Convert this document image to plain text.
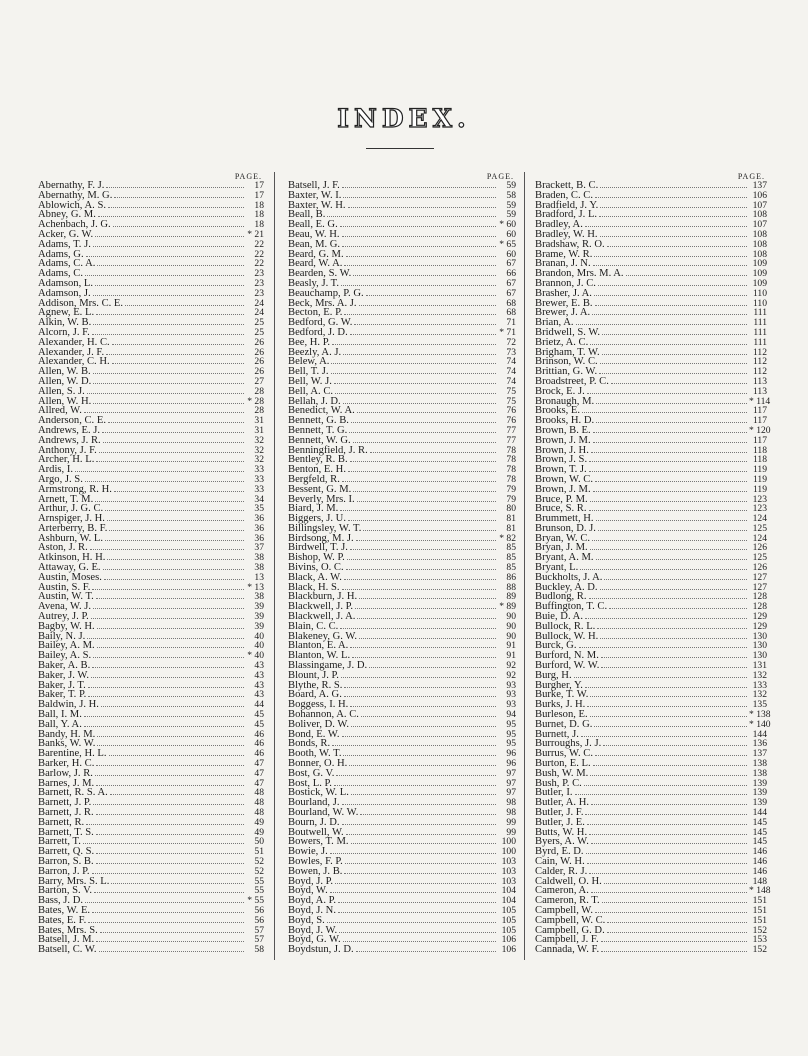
INDEX.
PAGE.
Abernathy, F. J.	17
Abernathy, M. G.	17
Ablowich, A. S.	18
Abney, G. M.	18
Achenbach, J. G.	18
Acker, G. W.	* 21
Adams, T. J.	22
Adams, G.	22
Adams, C. A.	22
Adams, C.	23
Adamson, L.	23
Adamson, J.	23
Addison, Mrs. C. E.	24
Agnew, E. L.	24
Alkin, W. B.	25
Alcorn, J. F.	25
Alexander, H. C.	26
Alexander, J. F.	26
Alexander, C. H.	26
Allen, W. B.	26
Allen, W. D.	27
Allen, S. J.	28
Allen, W. H.	* 28
Allred, W.	28
Anderson, C. E.	31
Andrews, E. J.	31
Andrews, J. R.	32
Anthony, J. F.	32
Archer, H. L.	32
Ardis, I.	33
Argo, J. S.	33
Armstrong, R. H.	33
Arnett, T. M.	34
Arthur, J. G. C.	35
Arnspiger, J. H.	36
Arterberry, B. F.	36
Ashburn, W. L.	36
Aston, J. R.	37
Atkinson, H. H.	38
Attaway, G. E.	38
Austin, Moses.	13
Austin, S. F.	* 13
Austin, W. T.	38
Avena, W. J.	39
Autrey, J. P.	39
Bagby, W. H.	39
Baily, N. J.	40
Bailey, A. M.	40
Bailey, A. S.	* 40
Baker, A. B.	43
Baker, J. W.	43
Baker, J. T.	43
Baker, T. P.	43
Baldwin, J. H.	44
Ball, I. M.	45
Ball, Y. A.	45
Bandy, H. M.	46
Banks, W. W.	46
Barentine, H. L.	46
Barker, H. C.	47
Barlow, J. R.	47
Barnes, J. M.	47
Barnett, R. S. A.	48
Barnett, J. P.	48
Barnett, J. R.	48
Barnett, R.	49
Barnett, T. S.	49
Barrett, T.	50
Barrett, Q. S.	51
Barron, S. B.	52
Barron, J. P.	52
Barry, Mrs. S. L.	55
Barton, S. V.	55
Bass, J. D.	* 55
Bates, W. E.	56
Bates, E. F.	56
Bates, Mrs. S.	57
Batsell, J. M.	57
Batsell, C. W.	58
PAGE.
Batsell, J. F.	59
Baxter, W. I.	58
Baxter, W. H.	59
Beall, B.	59
Beall, E. G.	* 60
Beau, W. H.	60
Bean, M. G.	* 65
Beard, G. M.	60
Beard, W. A.	67
Bearden, S. W.	66
Beasly, J. T.	67
Beauchamp, P. G.	67
Beck, Mrs. A. J.	68
Becton, E. P.	68
Bedford, G. W.	71
Bedford, J. D.	* 71
Bee, H. P.	72
Beezly, A. J.	73
Belew, A.	74
Bell, T. J.	74
Bell, W. J.	74
Bell, A. C.	75
Bellah, J. D.	75
Benedict, W. A.	76
Bennett, G. B.	76
Bennett, T. G.	77
Bennett, W. G.	77
Benningfield, J. R.	78
Bentley, R. B.	78
Benton, E. H.	78
Bergfeld, R.	78
Bessent, G. M.	79
Beverly, Mrs. I.	79
Biard, J. M.	80
Biggers, J. U.	81
Billingsley, W. T.	81
Birdsong, M. J.	* 82
Birdwell, T. J.	85
Bishop, W. P.	85
Bivins, O. C.	85
Black, A. W.	86
Black, H. S.	88
Blackburn, J. H.	89
Blackwell, J. P.	* 89
Blackwell, J. A.	90
Blain, C. C.	90
Blakeney, G. W.	90
Blanton, E. A.	91
Blanton, W. L.	91
Blassingame, J. D.	92
Blount, J. P.	92
Blythe, R. S.	93
Board, A. G.	93
Boggess, I. H.	93
Bohannon, A. C.	94
Boliver, D. W.	95
Bond, E. W.	95
Bonds, R.	95
Booth, W. T.	96
Bonner, O. H.	96
Bost, G. V.	97
Bost, L. P.	97
Bostick, W. L.	97
Bourland, J.	98
Bourland, W. W.	98
Bourn, J. D.	99
Boutwell, W.	99
Bowers, T. M.	100
Bowie, J.	100
Bowles, F. P.	103
Bowen, J. B.	103
Boyd, J. P.	103
Boyd, W.	104
Boyd, A. P.	104
Boyd, J. N.	105
Boyd, S.	105
Boyd, J. W.	105
Boyd, G. W.	106
Boydstun, J. D.	106
PAGE.
Brackett, B. C.	137
Braden, C. C.	106
Bradfield, J. Y.	107
Bradford, J. L.	108
Bradley, A.	107
Bradley, W. H.	108
Bradshaw, R. O.	108
Brame, W. R.	108
Branan, J. N.	109
Brandon, Mrs. M. A.	109
Brannon, J. C.	109
Brasher, J. A.	110
Brewer, E. B.	110
Brewer, J. A.	111
Brian, A.	111
Bridwell, S. W.	111
Brietz, A. C.	111
Brigham, T. W.	112
Brinson, W. C.	112
Brittian, G. W.	112
Broadstreet, P. C.	113
Brock, E. J.	113
Bronaugh, M.	* 114
Brooks, E.	117
Brooks, H. D.	117
Brown, B. E.	* 120
Brown, J. M.	117
Brown, J. H.	118
Brown, J. S.	118
Brown, T. J.	119
Brown, W. C.	119
Brown, J. M.	119
Bruce, P. M.	123
Bruce, S. R.	123
Brummett, H.	124
Brunson, D. J.	125
Bryan, W. C.	124
Bryan, J. M.	126
Bryant, A. M.	125
Bryant, L.	126
Buckholts, J. A.	127
Buckley, A. D.	127
Budlong, R.	128
Buffington, T. C.	128
Buie, D. A.	129
Bullock, R. L.	129
Bullock, W. H.	130
Burck, G.	130
Burford, N. M.	130
Burford, W. W.	131
Burg, H.	132
Burgher, Y.	133
Burke, T. W.	132
Burks, J. H.	135
Burleson, E.	* 138
Burnet, D. G.	* 140
Burnett, J.	144
Burroughs, J. J.	136
Burrus, W. C.	137
Burton, E. L.	138
Bush, W. M.	138
Bush, P. C.	139
Butler, I.	139
Butler, A. H.	139
Butler, J. F.	144
Butler, J. E.	145
Butts, W. H.	145
Byers, A. W.	145
Byrd, E. D.	146
Cain, W. H.	146
Calder, R. J.	146
Caldwell, O. H.	148
Cameron, A.	* 148
Cameron, R. T.	151
Campbell, W.	151
Campbell, W. C.	151
Campbell, G. D.	152
Campbell, J. F.	153
Cannada, W. F.	152
